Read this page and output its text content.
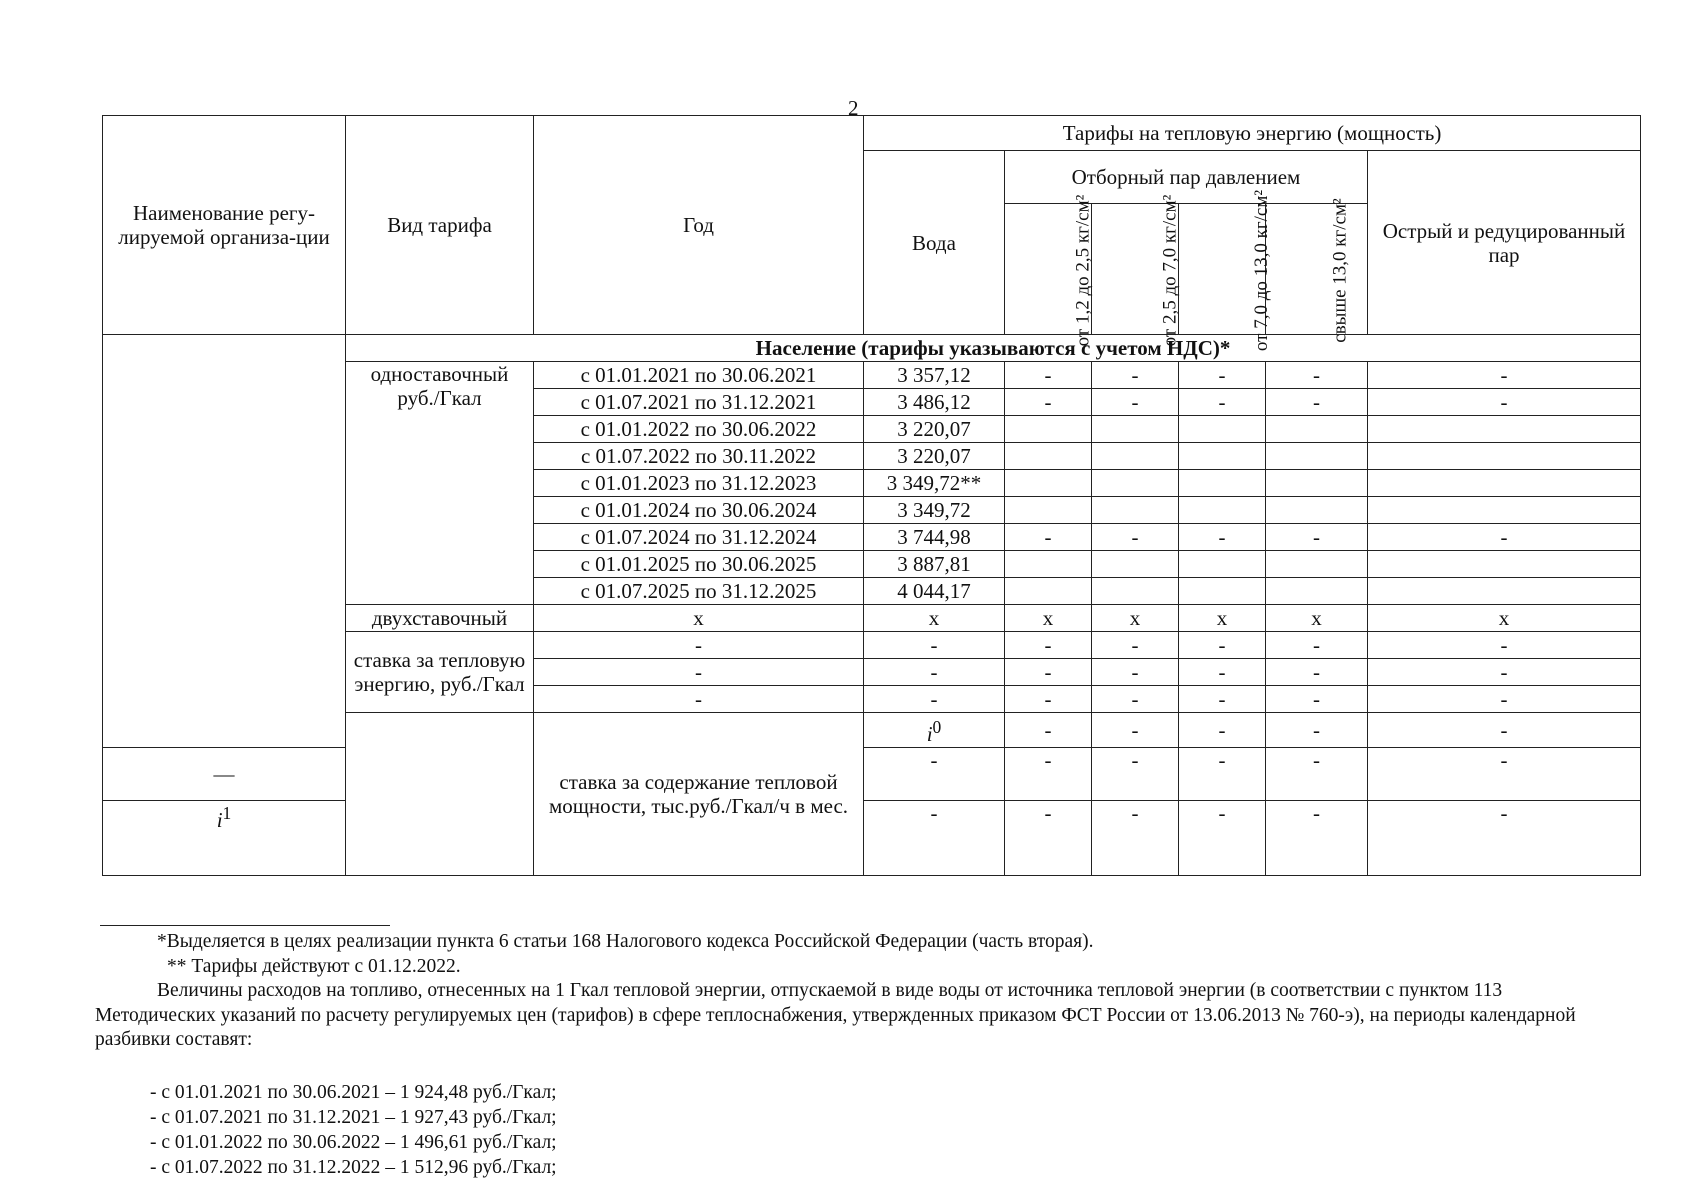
2
Наименование регу-лируемой организа-ции	Вид тарифа	Год	Тарифы на тепловую энергию (мощность)						
			Вода	Отборный пар давлением				Острый и редуцированный пар	
				от 1,2 до 2,5 кг/см²	от 2,5 до 7,0 кг/см²	от 7,0 до 13,0 кг/см²	свыше 13,0 кг/см²		
	Население (тарифы указываются с учетом НДС)*								
	одноставочный руб./Гкал	с 01.01.2021 по 30.06.2021	3 357,12	-	-	-	-	-	
		с 01.07.2021 по 31.12.2021	3 486,12	-	-	-	-	-	
		с 01.01.2022 по 30.06.2022	3 220,07						
		с 01.07.2022 по 30.11.2022	3 220,07						
		с 01.01.2023 по 31.12.2023	3 349,72**						
		с 01.01.2024 по 30.06.2024	3 349,72						
		с 01.07.2024 по 31.12.2024	3 744,98	-	-	-	-	-	
		с 01.01.2025 по 30.06.2025	3 887,81						
		с 01.07.2025 по 31.12.2025	4 044,17						
	двухставочный	х	х	х	х	х	х	х	
	ставка за тепловую энергию, руб./Гкал	-	-	-	-	-	-	-	
		-	-	-	-	-	-	-	
		-	-	-	-	-	-	-	
		ставка за содержание тепловой мощности, тыс.руб./Гкал/ч в мес.	$i^0$	-	-	-	-	-	
—			-	-	-	-	-	-	
$i^1$			-	-	-	-	-	-	

*Выделяется в целях реализации пункта 6 статьи 168 Налогового кодекса Российской Федерации (часть вторая).

** Тарифы действуют с 01.12.2022.

Величины расходов на топливо, отнесенных на 1 Гкал тепловой энергии, отпускаемой в виде воды от источника тепловой энергии (в соответствии с пунктом 113 Методических указаний по расчету регулируемых цен (тарифов) в сфере теплоснабжения, утвержденных приказом ФСТ России от 13.06.2013 № 760-э), на периоды календарной разбивки составят:

- с 01.01.2021 по 30.06.2021 – 1 924,48 руб./Гкал;

- с 01.07.2021 по 31.12.2021 – 1 927,43 руб./Гкал;

- с 01.01.2022 по 30.06.2022 – 1 496,61 руб./Гкал;

- с 01.07.2022 по 31.12.2022 – 1 512,96 руб./Гкал;
